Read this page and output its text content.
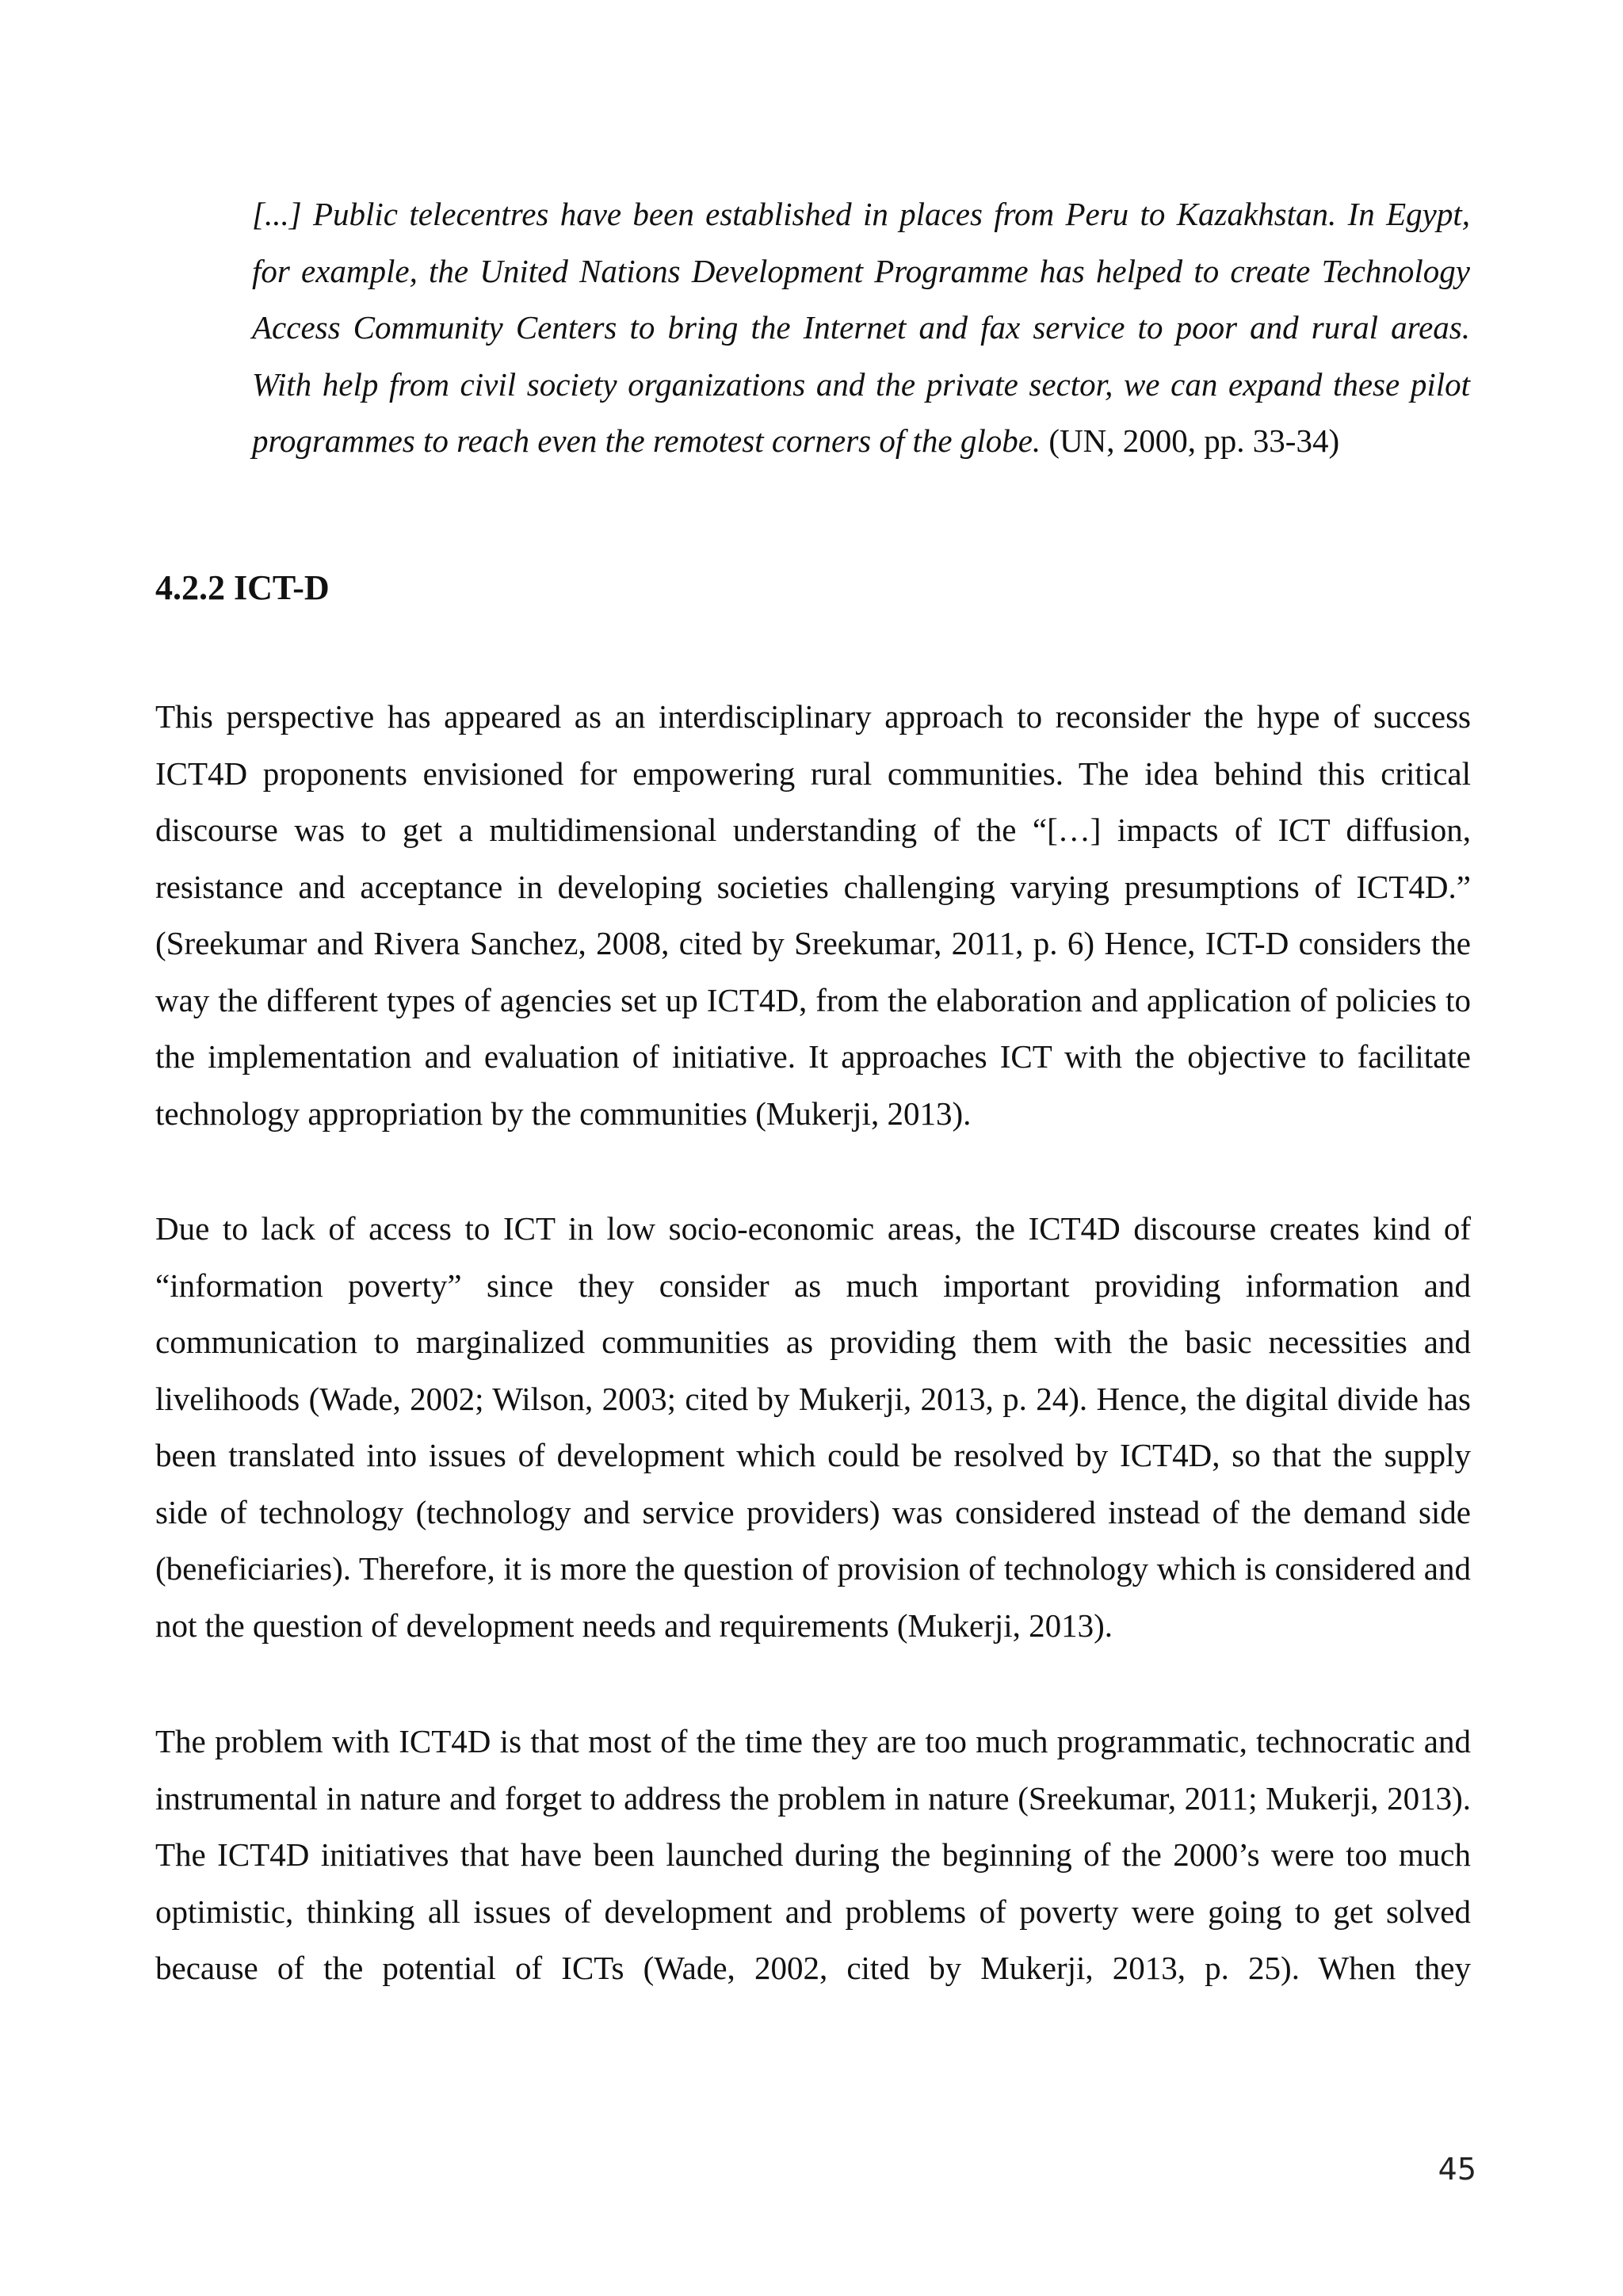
[...] Public telecentres have been established in places from Peru to Kazakhstan. In Egypt, for example, the United Nations Development Programme has helped to create Technology Access Community Centers to bring the Internet and fax service to poor and rural areas. With help from civil society organizations and the private sector, we can expand these pilot programmes to reach even the remotest corners of the globe. (UN, 2000, pp. 33-34)
4.2.2 ICT-D

This perspective has appeared as an interdisciplinary approach to reconsider the hype of success ICT4D proponents envisioned for empowering rural communities. The idea behind this critical discourse was to get a multidimensional understanding of the “[…] impacts of ICT diffusion, resistance and acceptance in developing societies challenging varying presumptions of ICT4D.” (Sreekumar and Rivera Sanchez, 2008, cited by Sreekumar, 2011, p. 6) Hence, ICT-D considers the way the different types of agencies set up ICT4D, from the elaboration and application of policies to the implementation and evaluation of initiative. It approaches ICT with the objective to facilitate technology appropriation by the communities (Mukerji, 2013).

Due to lack of access to ICT in low socio-economic areas, the ICT4D discourse creates kind of “information poverty” since they consider as much important providing information and communication to marginalized communities as providing them with the basic necessities and livelihoods (Wade, 2002; Wilson, 2003; cited by Mukerji, 2013, p. 24). Hence, the digital divide has been translated into issues of development which could be resolved by ICT4D, so that the supply side of technology (technology and service providers) was considered instead of the demand side (beneficiaries). Therefore, it is more the question of provision of technology which is considered and not the question of development needs and requirements (Mukerji, 2013).

The problem with ICT4D is that most of the time they are too much programmatic, technocratic and instrumental in nature and forget to address the problem in nature (Sreekumar, 2011; Mukerji, 2013). The ICT4D initiatives that have been launched during the beginning of the 2000’s were too much optimistic, thinking all issues of development and problems of poverty were going to get solved because of the potential of ICTs (Wade, 2002, cited by Mukerji, 2013, p. 25). When they

45
